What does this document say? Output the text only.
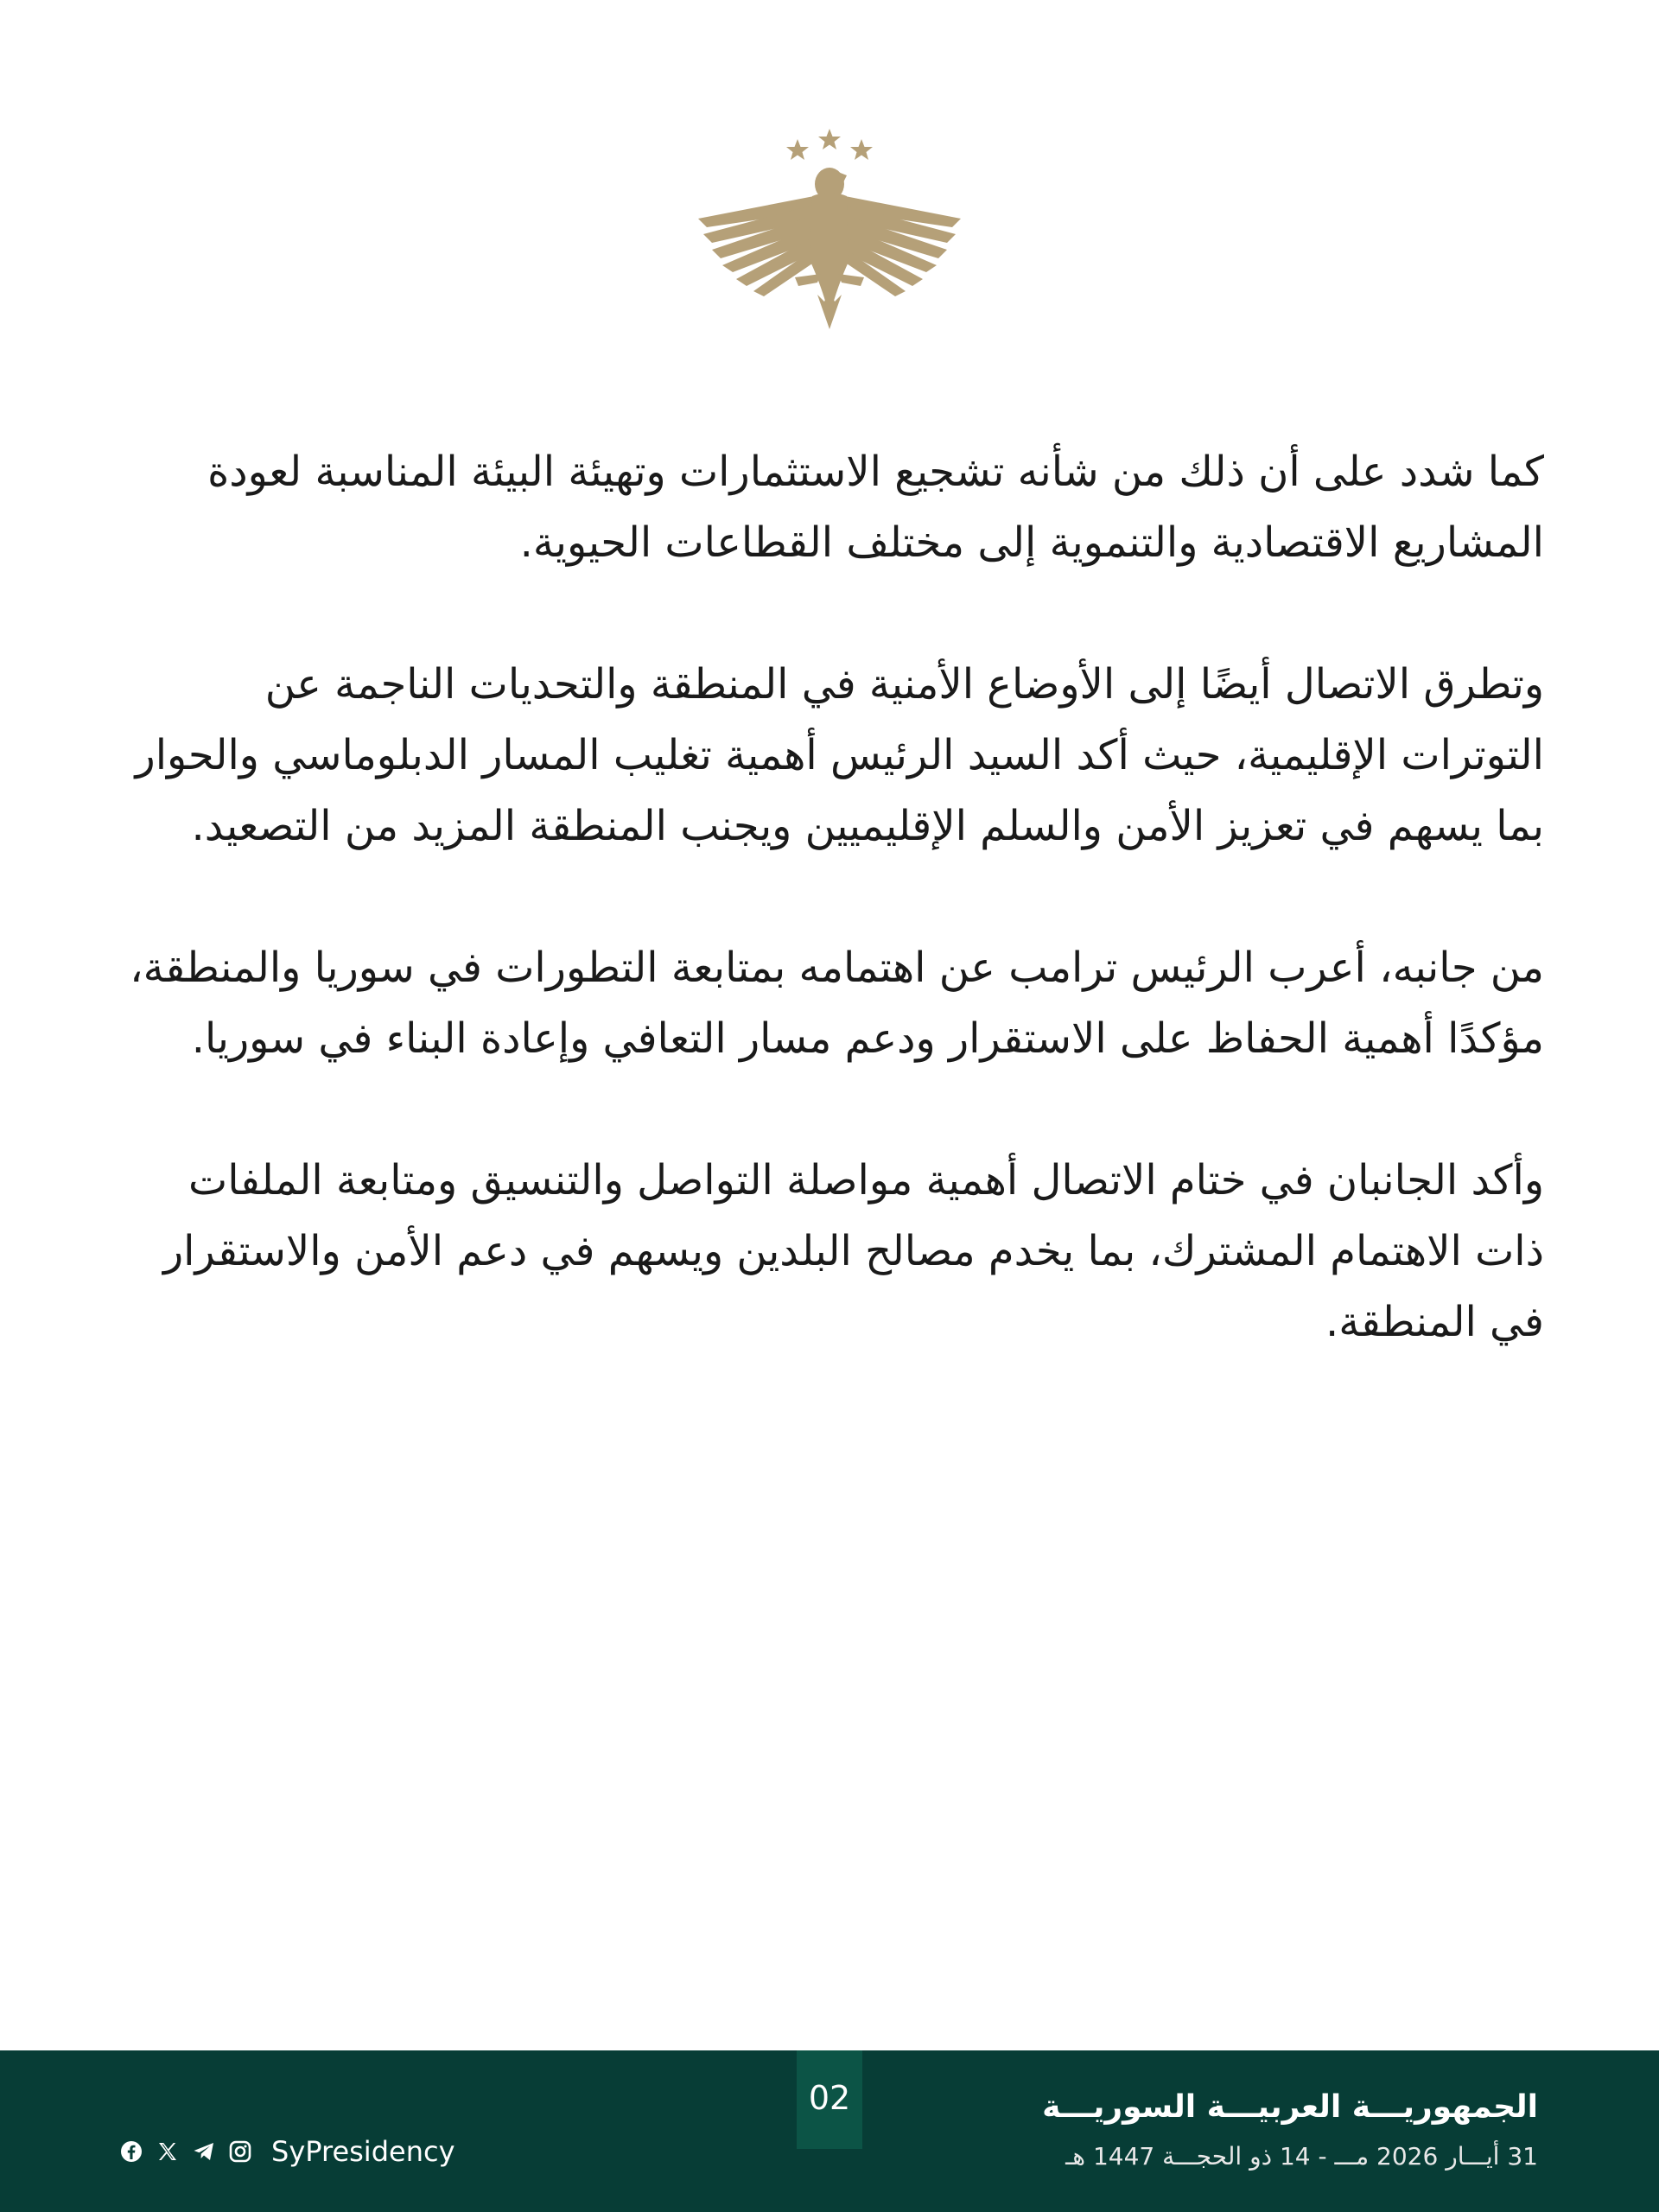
كما شدد على أن ذلك من شأنه تشجيع الاستثمارات وتهيئة البيئة المناسبة لعودة المشاريع الاقتصادية والتنموية إلى مختلف القطاعات الحيوية.

وتطرق الاتصال أيضًا إلى الأوضاع الأمنية في المنطقة والتحديات الناجمة عن التوترات الإقليمية، حيث أكد السيد الرئيس أهمية تغليب المسار الدبلوماسي والحوار بما يسهم في تعزيز الأمن والسلم الإقليميين ويجنب المنطقة المزيد من التصعيد.

من جانبه، أعرب الرئيس ترامب عن اهتمامه بمتابعة التطورات في سوريا والمنطقة، مؤكدًا أهمية الحفاظ على الاستقرار ودعم مسار التعافي وإعادة البناء في سوريا.

وأكد الجانبان في ختام الاتصال أهمية مواصلة التواصل والتنسيق ومتابعة الملفات ذات الاهتمام المشترك، بما يخدم مصالح البلدين ويسهم في دعم الأمن والاستقرار في المنطقة.

02	الجمهوريـــة العربيـــة السوريـــة
31 أيـــار 2026 مـــ - 14 ذو الحجـــة 1447 هـ
SyPresidency
